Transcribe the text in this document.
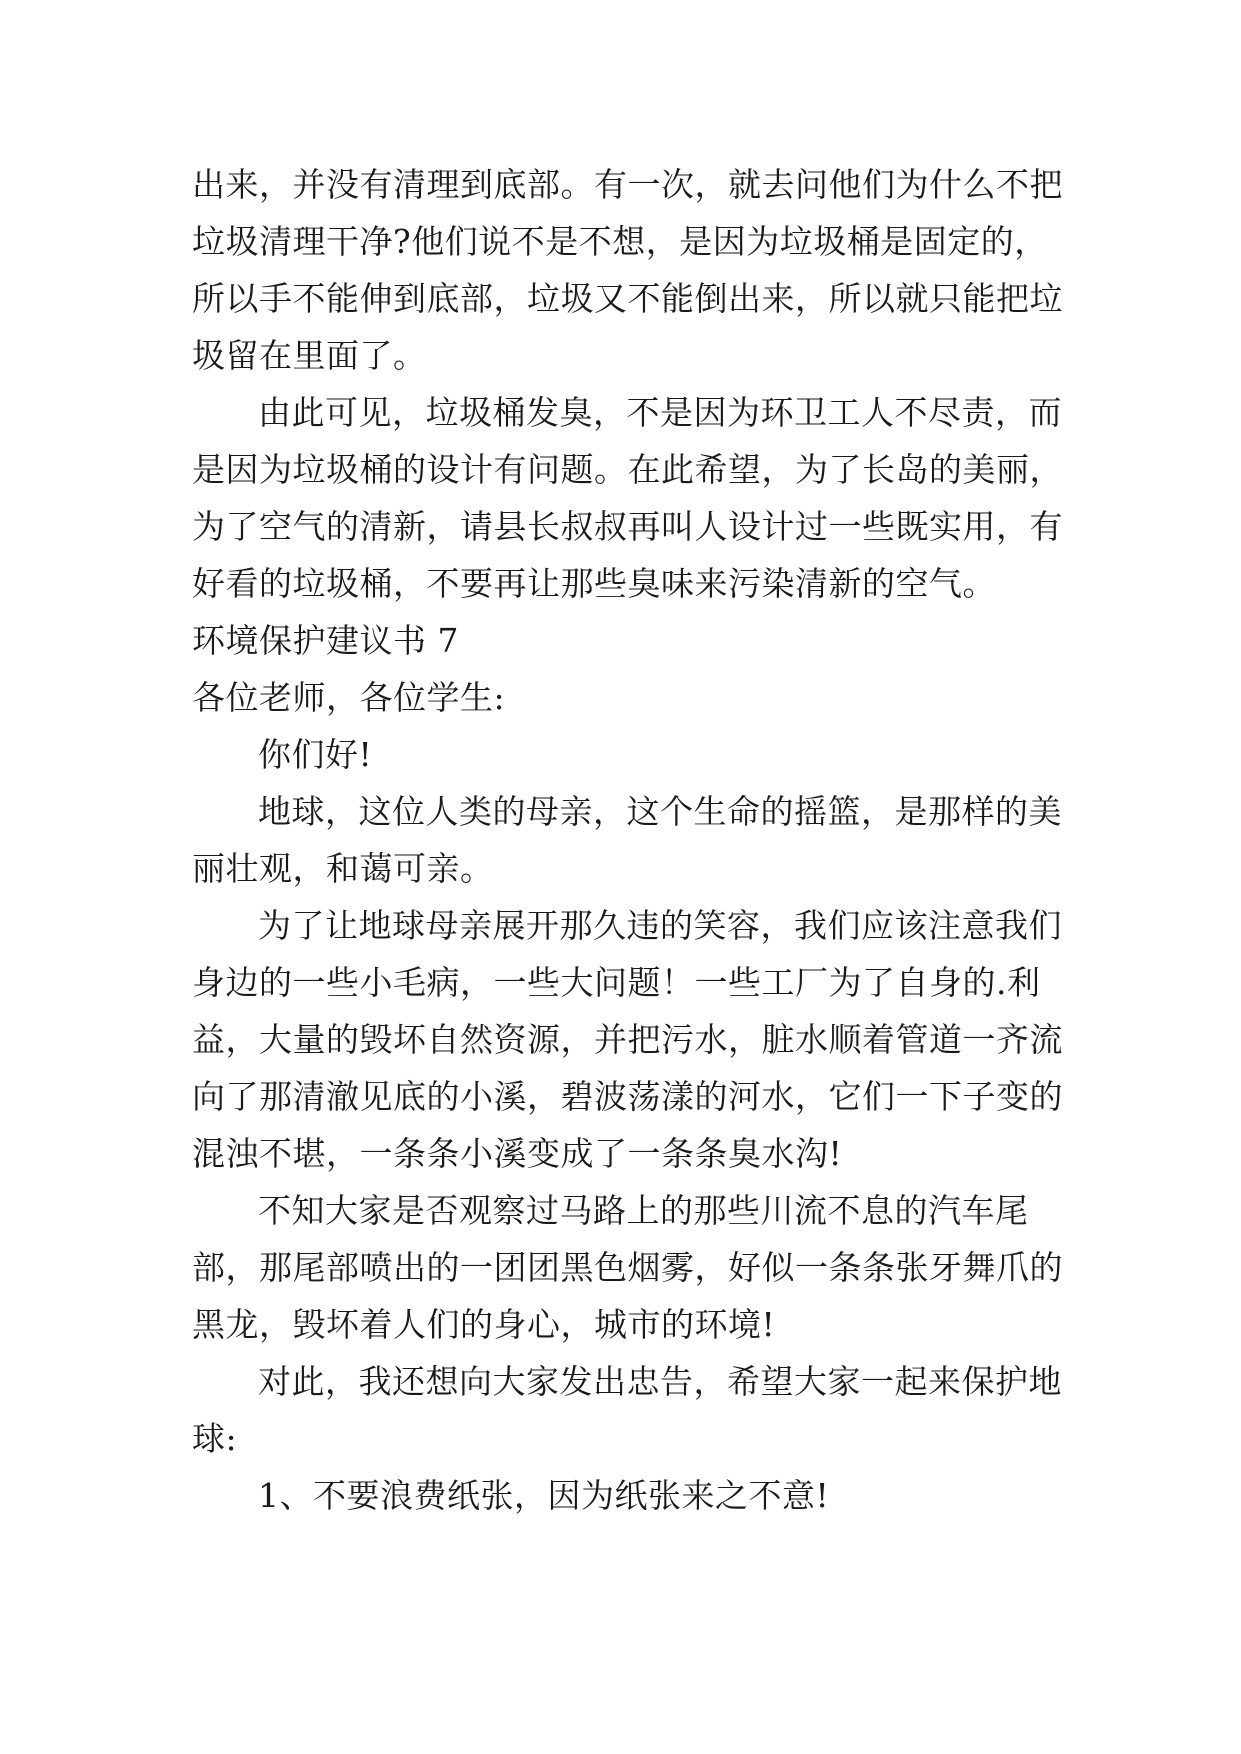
出来，并没有清理到底部。有一次，就去问他们为什么不把
垃圾清理干净?他们说不是不想，是因为垃圾桶是固定的，
所以手不能伸到底部，垃圾又不能倒出来，所以就只能把垃
圾留在里面了。
由此可见，垃圾桶发臭，不是因为环卫工人不尽责，而
是因为垃圾桶的设计有问题。在此希望，为了长岛的美丽，
为了空气的清新，请县长叔叔再叫人设计过一些既实用，有
好看的垃圾桶，不要再让那些臭味来污染清新的空气。
环境保护建议书 7
各位老师，各位学生:
你们好!
地球，这位人类的母亲，这个生命的摇篮，是那样的美
丽壮观，和蔼可亲。
为了让地球母亲展开那久违的笑容，我们应该注意我们
身边的一些小毛病，一些大问题！一些工厂为了自身的.利
益，大量的毁坏自然资源，并把污水，脏水顺着管道一齐流
向了那清澈见底的小溪，碧波荡漾的河水，它们一下子变的
混浊不堪，一条条小溪变成了一条条臭水沟!
不知大家是否观察过马路上的那些川流不息的汽车尾
部，那尾部喷出的一团团黑色烟雾，好似一条条张牙舞爪的
黑龙，毁坏着人们的身心，城市的环境!
对此，我还想向大家发出忠告，希望大家一起来保护地
球:
1、不要浪费纸张，因为纸张来之不意!
